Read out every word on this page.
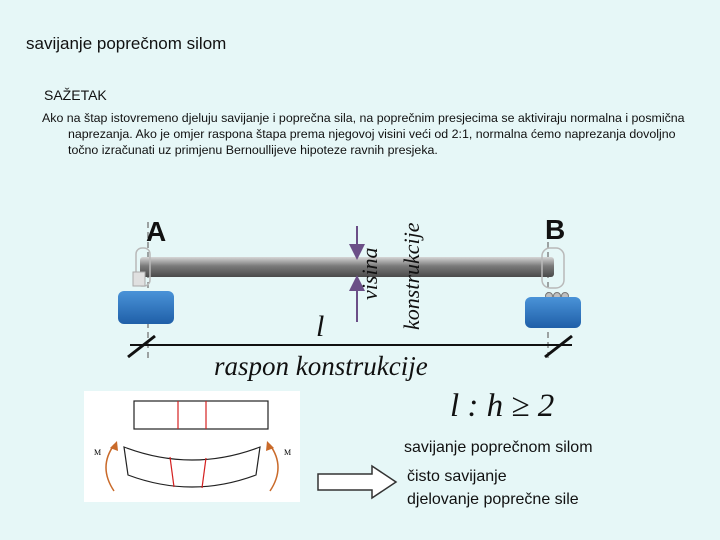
savijanje poprečnom silom
SAŽETAK
Ako na štap istovremeno djeluju savijanje i poprečna sila, na poprečnim presjecima se aktiviraju normalna i posmična naprezanja. Ako je omjer raspona štapa prema njegovoj visini veći od 2:1, normalna ćemo naprezanja dovoljno točno izračunati uz primjenu Bernoullijeve hipoteze ravnih presjeka.
A	B
visina konstrukcije
l
raspon konstrukcije
l : h ≥ 2
M	M	savijanje poprečnom silom
čisto savijanje
djelovanje poprečne sile
